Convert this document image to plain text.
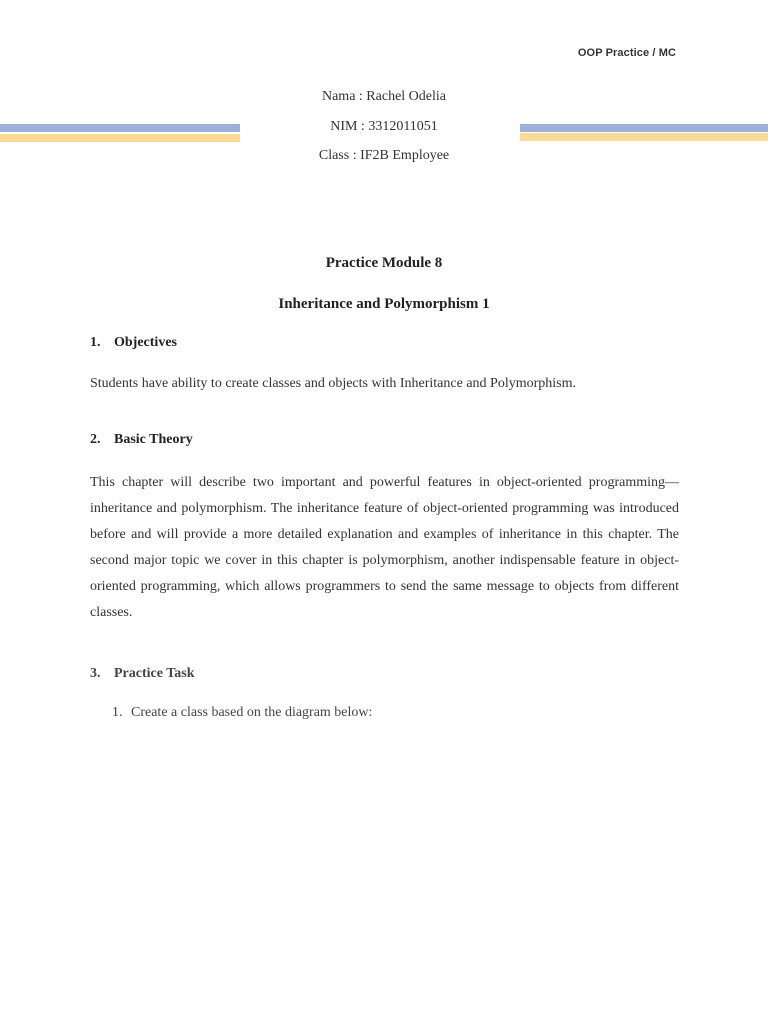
OOP Practice / MC
Nama : Rachel Odelia
NIM : 3312011051
Class : IF2B Employee
Practice Module 8
Inheritance and Polymorphism 1
1. Objectives
Students have ability to create classes and objects with Inheritance and Polymorphism.
2. Basic Theory
This chapter will describe two important and powerful features in object-oriented programming—inheritance and polymorphism. The inheritance feature of object-oriented programming was introduced before and will provide a more detailed explanation and examples of inheritance in this chapter. The second major topic we cover in this chapter is polymorphism, another indispensable feature in object-oriented programming, which allows programmers to send the same message to objects from different classes.
3. Practice Task
1. Create a class based on the diagram below:
